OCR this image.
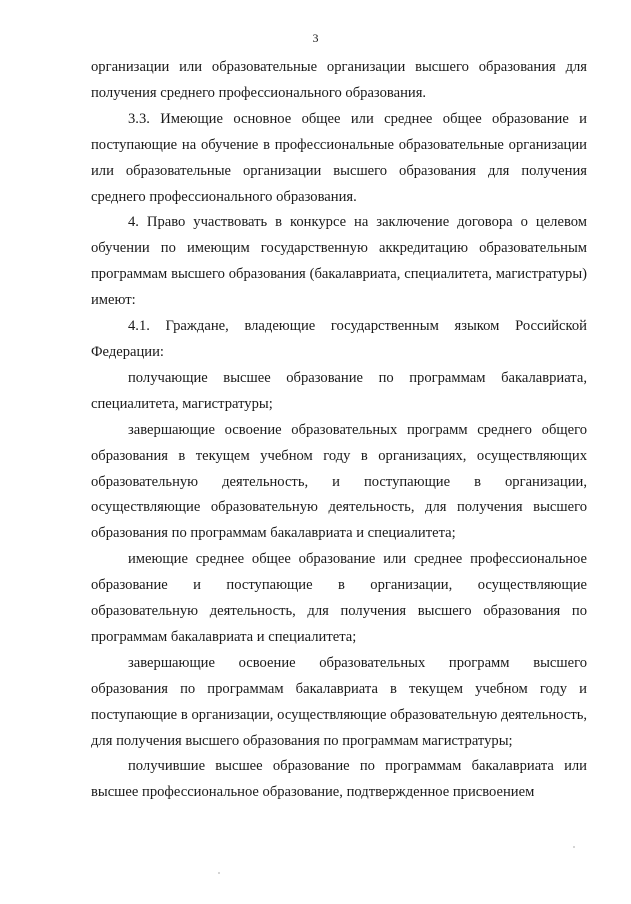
3

организации или образовательные организации высшего образования для получения среднего профессионального образования.

3.3. Имеющие основное общее или среднее общее образование и поступающие на обучение в профессиональные образовательные организации или образовательные организации высшего образования для получения среднего профессионального образования.

4. Право участвовать в конкурсе на заключение договора о целевом обучении по имеющим государственную аккредитацию образовательным программам высшего образования (бакалавриата, специалитета, магистратуры) имеют:

4.1. Граждане, владеющие государственным языком Российской Федерации:

получающие высшее образование по программам бакалавриата, специалитета, магистратуры;

завершающие освоение образовательных программ среднего общего образования в текущем учебном году в организациях, осуществляющих образовательную деятельность, и поступающие в организации, осуществляющие образовательную деятельность, для получения высшего образования по программам бакалавриата и специалитета;

имеющие среднее общее образование или среднее профессиональное образование и поступающие в организации, осуществляющие образовательную деятельность, для получения высшего образования по программам бакалавриата и специалитета;

завершающие освоение образовательных программ высшего образования по программам бакалавриата в текущем учебном году и поступающие в организации, осуществляющие образовательную деятельность, для получения высшего образования по программам магистратуры;

получившие высшее образование по программам бакалавриата или высшее профессиональное образование, подтвержденное присвоением
